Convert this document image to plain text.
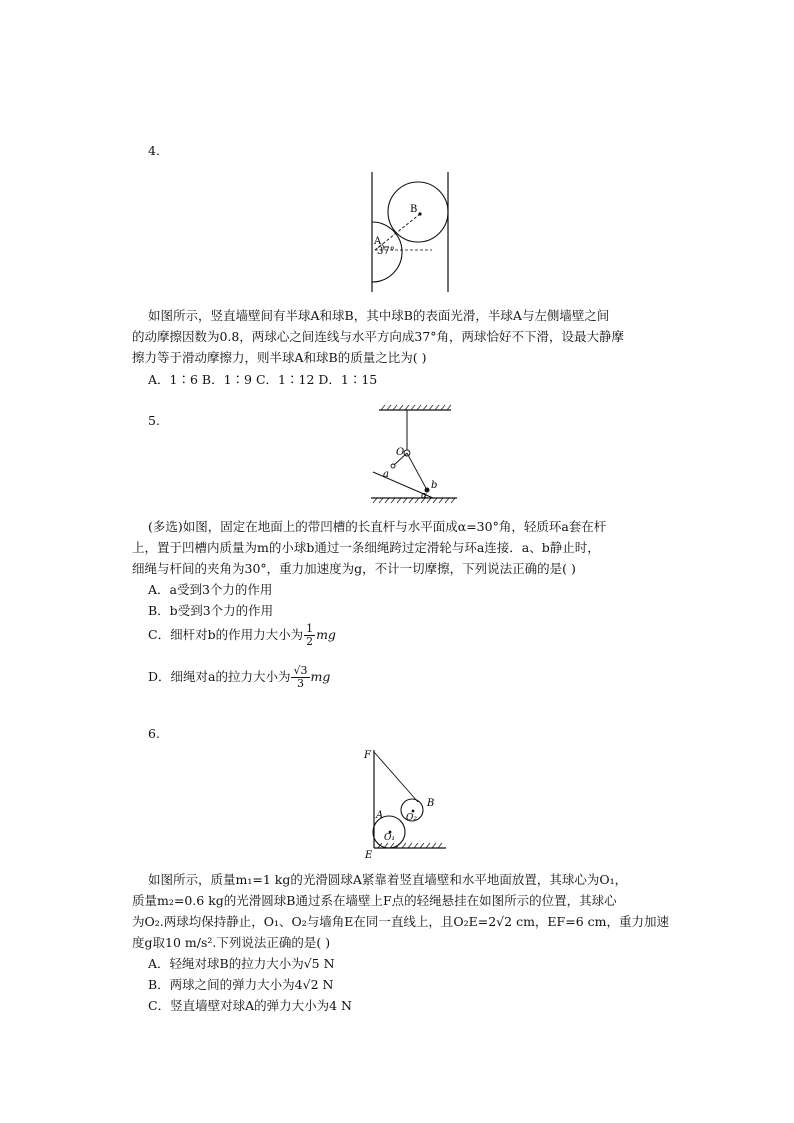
4.
B
A
37°
如图所示，竖直墙壁间有半球A和球B，其中球B的表面光滑，半球A与左侧墙壁之间
的动摩擦因数为0.8，两球心之间连线与水平方向成37°角，两球恰好不下滑，设最大静摩
擦力等于滑动摩擦力，则半球A和球B的质量之比为( )
A．1∶6 B．1∶9 C．1∶12 D．1∶15
5.
O
a
b
α
(多选)如图，固定在地面上的带凹槽的长直杆与水平面成α=30°角，轻质环a套在杆
上，置于凹槽内质量为m的小球b通过一条细绳跨过定滑轮与环a连接．a、b静止时，
细绳与杆间的夹角为30°，重力加速度为g，不计一切摩擦，下列说法正确的是( )
A．a受到3个力的作用
B．b受到3个力的作用
C．细杆对b的作用力大小为 $\frac{1}{2}$ mg
D．细绳对a的拉力大小为 $\frac{√3}{3}$ mg
6.
F
A
B
O₁
O₂
E
如图所示，质量m₁=1 kg的光滑圆球A紧靠着竖直墙壁和水平地面放置，其球心为O₁，
质量m₂=0.6 kg的光滑圆球B通过系在墙壁上F点的轻绳悬挂在如图所示的位置，其球心
为O₂.两球均保持静止，O₁、O₂与墙角E在同一直线上，且O₂E=2√2 cm，EF=6 cm，重力加速
度g取10 m/s².下列说法正确的是( )
A．轻绳对球B的拉力大小为√5 N
B．两球之间的弹力大小为4√2 N
C．竖直墙壁对球A的弹力大小为4 N
